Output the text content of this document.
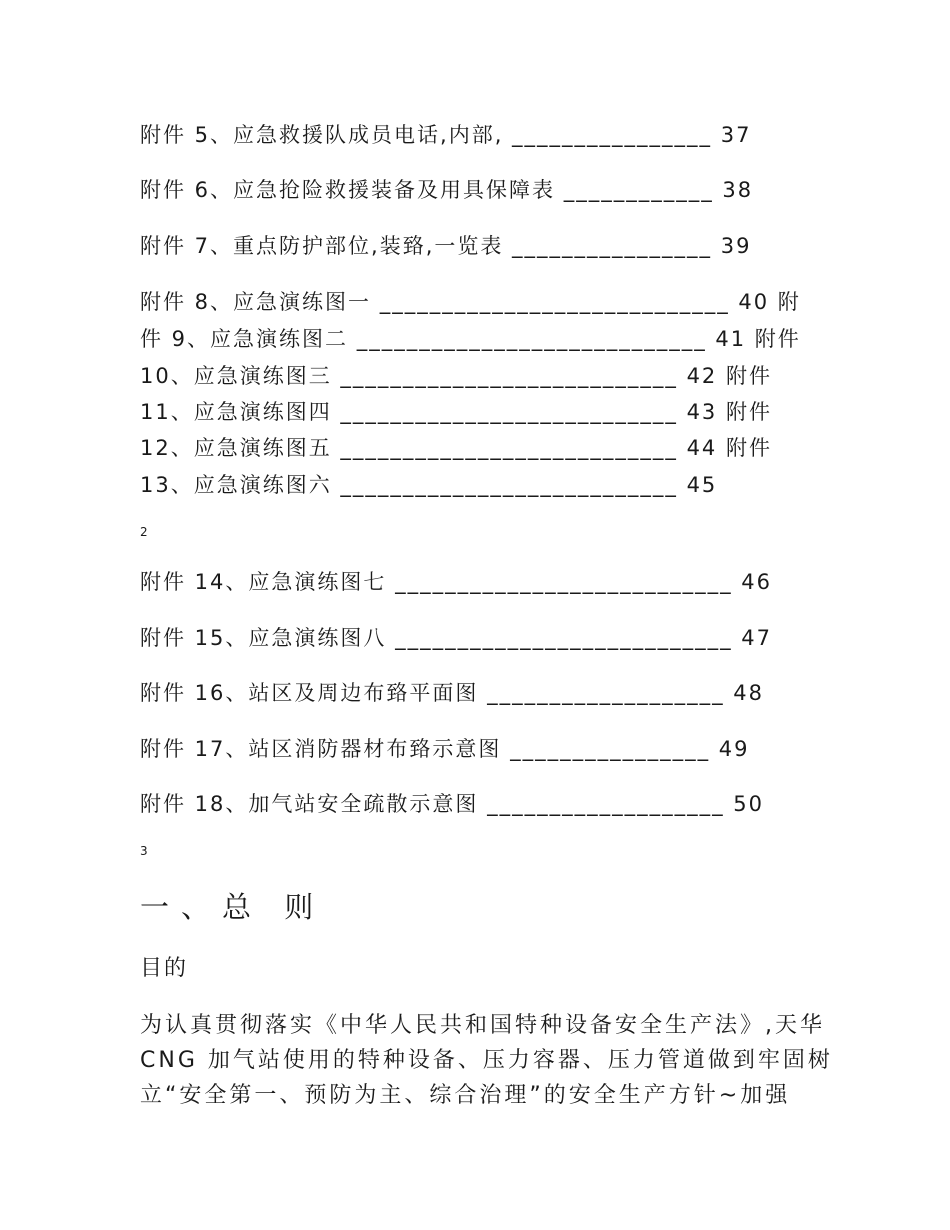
附件 5、应急救援队成员电话,内部, ________________ 37
附件 6、应急抢险救援装备及用具保障表 ____________ 38
附件 7、重点防护部位,装臵,一览表 ________________ 39
附件 8、应急演练图一 ____________________________ 40 附
件 9、应急演练图二 ____________________________ 41 附件
10、应急演练图三 ___________________________ 42 附件
11、应急演练图四 ___________________________ 43 附件
12、应急演练图五 ___________________________ 44 附件
13、应急演练图六 ___________________________ 45
2
附件 14、应急演练图七 ___________________________ 46
附件 15、应急演练图八 ___________________________ 47
附件 16、站区及周边布臵平面图 ___________________ 48
附件 17、站区消防器材布臵示意图 ________________ 49
附件 18、加气站安全疏散示意图 ___________________ 50
3
一、总 则
目的
为认真贯彻落实《中华人民共和国特种设备安全生产法》,天华
CNG 加气站使用的特种设备、压力容器、压力管道做到牢固树
立“安全第一、预防为主、综合治理”的安全生产方针~加强
